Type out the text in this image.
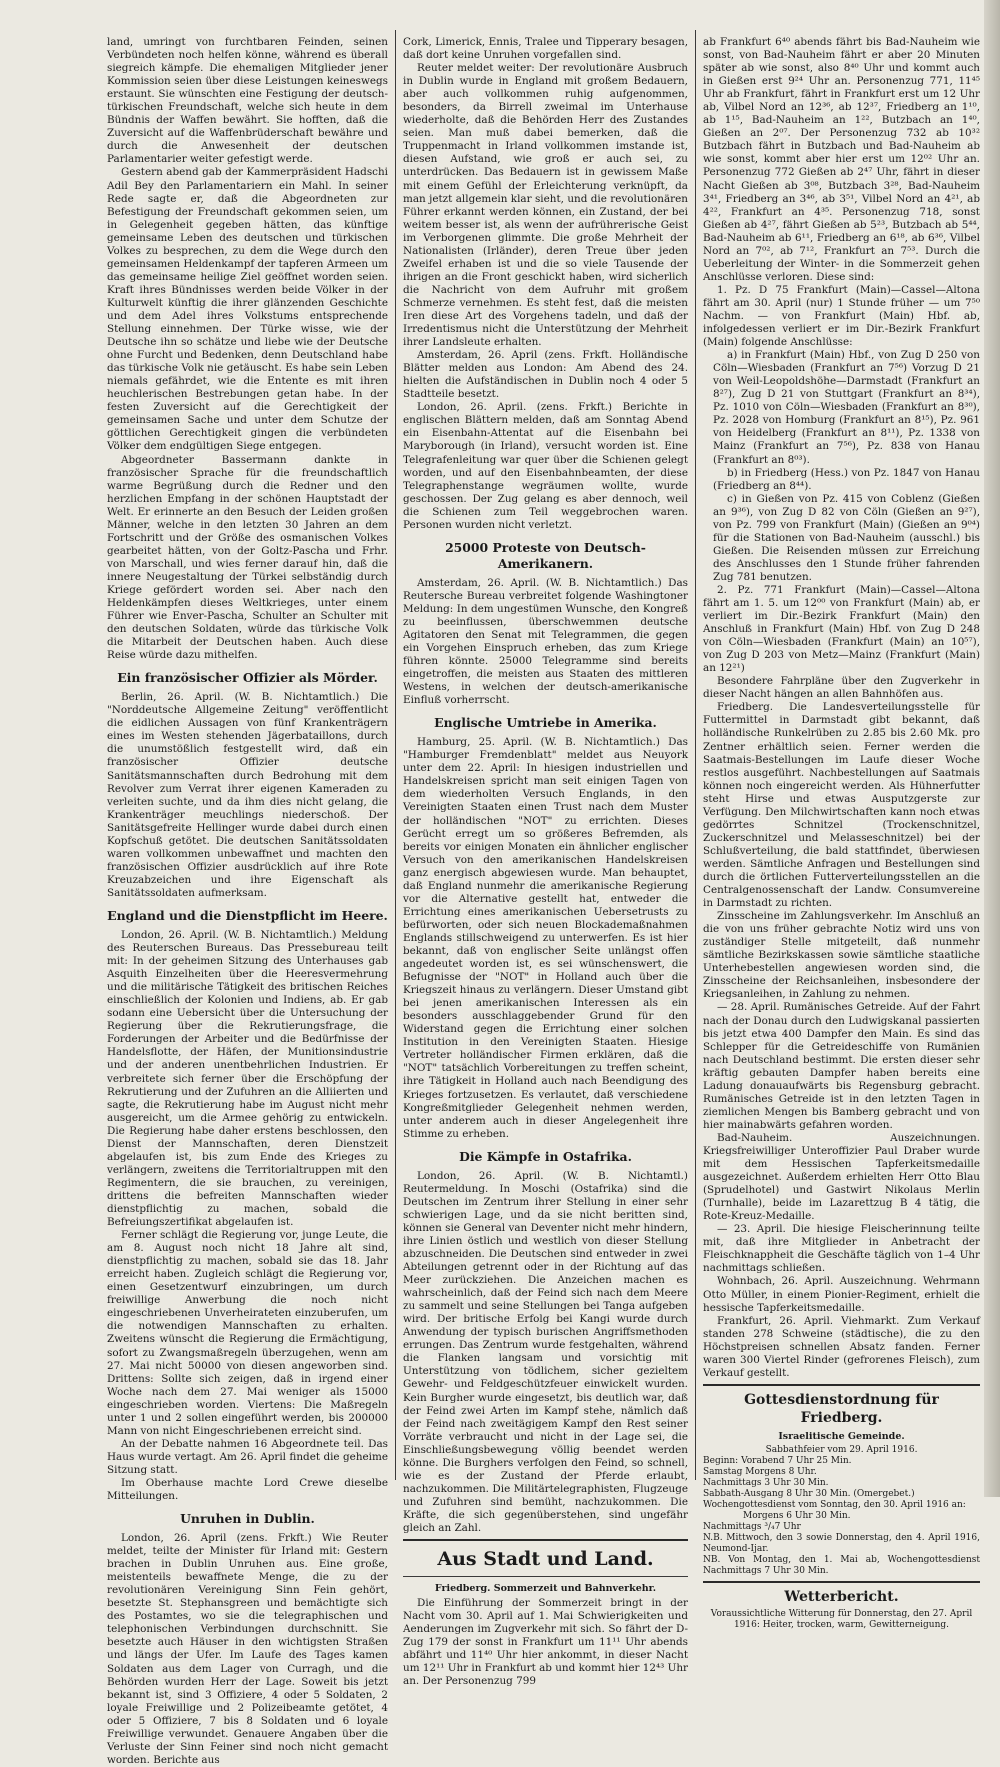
land, umringt von furchtbaren Feinden, seinen Verbündeten noch helfen könne, während es überall siegreich kämpfe. Die ehemaligen Mitglieder jener Kommission seien über diese Leistungen keineswegs erstaunt. Sie wünschten eine Festigung der deutsch-türkischen Freundschaft, welche sich heute in dem Bündnis der Waffen bewährt. Sie hofften, daß die Zuversicht auf die Waffenbrüderschaft bewähre und durch die Anwesenheit der deutschen Parlamentarier weiter gefestigt werde.

Gestern abend gab der Kammerpräsident Hadschi Adil Bey den Parlamentariern ein Mahl. In seiner Rede sagte er, daß die Abgeordneten zur Befestigung der Freundschaft gekommen seien, um in Gelegenheit gegeben hätten, das künftige gemeinsame Leben des deutschen und türkischen Volkes zu besprechen, zu dem die Wege durch den gemeinsamen Heldenkampf der tapferen Armeen um das gemeinsame heilige Ziel geöffnet worden seien. Kraft ihres Bündnisses werden beide Völker in der Kulturwelt künftig die ihrer glänzenden Geschichte und dem Adel ihres Volkstums entsprechende Stellung einnehmen. Der Türke wisse, wie der Deutsche ihn so schätze und liebe wie der Deutsche ohne Furcht und Bedenken, denn Deutschland habe das türkische Volk nie getäuscht. Es habe sein Leben niemals gefährdet, wie die Entente es mit ihren heuchlerischen Bestrebungen getan habe. In der festen Zuversicht auf die Gerechtigkeit der gemeinsamen Sache und unter dem Schutze der göttlichen Gerechtigkeit gingen die verbündeten Völker dem endgültigen Siege entgegen.

Abgeordneter Bassermann dankte in französischer Sprache für die freundschaftlich warme Begrüßung durch die Redner und den herzlichen Empfang in der schönen Hauptstadt der Welt. Er erinnerte an den Besuch der Leiden großen Männer, welche in den letzten 30 Jahren an dem Fortschritt und der Größe des osmanischen Volkes gearbeitet hätten, von der Goltz-Pascha und Frhr. von Marschall, und wies ferner darauf hin, daß die innere Neugestaltung der Türkei selbständig durch Kriege gefördert worden sei. Aber nach den Heldenkämpfen dieses Weltkrieges, unter einem Führer wie Enver-Pascha, Schulter an Schulter mit den deutschen Soldaten, würde das türkische Volk die Mitarbeit der Deutschen haben. Auch diese Reise würde dazu mithelfen.

Ein französischer Offizier als Mörder.

Berlin, 26. April. (W. B. Nichtamtlich.) Die "Norddeutsche Allgemeine Zeitung" veröffentlicht die eidlichen Aussagen von fünf Krankenträgern eines im Westen stehenden Jägerbataillons, durch die unumstößlich festgestellt wird, daß ein französischer Offizier deutsche Sanitätsmannschaften durch Bedrohung mit dem Revolver zum Verrat ihrer eigenen Kameraden zu verleiten suchte, und da ihm dies nicht gelang, die Krankenträger meuchlings niederschoß. Der Sanitätsgefreite Hellinger wurde dabei durch einen Kopfschuß getötet. Die deutschen Sanitätssoldaten waren vollkommen unbewaffnet und machten den französischen Offizier ausdrücklich auf ihre Rote Kreuzabzeichen und ihre Eigenschaft als Sanitätssoldaten aufmerksam.

England und die Dienstpflicht im Heere.

London, 26. April. (W. B. Nichtamtlich.) Meldung des Reuterschen Bureaus. Das Pressebureau teilt mit: In der geheimen Sitzung des Unterhauses gab Asquith Einzelheiten über die Heeresvermehrung und die militärische Tätigkeit des britischen Reiches einschließlich der Kolonien und Indiens, ab. Er gab sodann eine Uebersicht über die Untersuchung der Regierung über die Rekrutierungsfrage, die Forderungen der Arbeiter und die Bedürfnisse der Handelsflotte, der Häfen, der Munitionsindustrie und der anderen unentbehrlichen Industrien. Er verbreitete sich ferner über die Erschöpfung der Rekrutierung und der Zufuhren an die Alliierten und sagte, die Rekrutierung habe im August nicht mehr ausgereicht, um die Armee gehörig zu entwickeln. Die Regierung habe daher erstens beschlossen, den Dienst der Mannschaften, deren Dienstzeit abgelaufen ist, bis zum Ende des Krieges zu verlängern, zweitens die Territorialtruppen mit den Regimentern, die sie brauchen, zu vereinigen, drittens die befreiten Mannschaften wieder dienstpflichtig zu machen, sobald die Befreiungszertifikat abgelaufen ist.

Ferner schlägt die Regierung vor, junge Leute, die am 8. August noch nicht 18 Jahre alt sind, dienstpflichtig zu machen, sobald sie das 18. Jahr erreicht haben. Zugleich schlägt die Regierung vor, einen Gesetzentwurf einzubringen, um durch freiwillige Anwerbung die noch nicht eingeschriebenen Unverheirateten einzuberufen, um die notwendigen Mannschaften zu erhalten. Zweitens wünscht die Regierung die Ermächtigung, sofort zu Zwangsmaßregeln überzugehen, wenn am 27. Mai nicht 50000 von diesen angeworben sind. Drittens: Sollte sich zeigen, daß in irgend einer Woche nach dem 27. Mai weniger als 15000 eingeschrieben worden. Viertens: Die Maßregeln unter 1 und 2 sollen eingeführt werden, bis 200000 Mann von nicht Eingeschriebenen erreicht sind.

An der Debatte nahmen 16 Abgeordnete teil. Das Haus wurde vertagt. Am 26. April findet die geheime Sitzung statt.

Im Oberhause machte Lord Crewe dieselbe Mitteilungen.

Unruhen in Dublin.

London, 26. April (zens. Frkft.) Wie Reuter meldet, teilte der Minister für Irland mit: Gestern brachen in Dublin Unruhen aus. Eine große, meistenteils bewaffnete Menge, die zu der revolutionären Vereinigung Sinn Fein gehört, besetzte St. Stephansgreen und bemächtigte sich des Postamtes, wo sie die telegraphischen und telephonischen Verbindungen durchschnitt. Sie besetzte auch Häuser in den wichtigsten Straßen und längs der Ufer. Im Laufe des Tages kamen Soldaten aus dem Lager von Curragh, und die Behörden wurden Herr der Lage. Soweit bis jetzt bekannt ist, sind 3 Offiziere, 4 oder 5 Soldaten, 2 loyale Freiwillige und 2 Polizeibeamte getötet, 4 oder 5 Offiziere, 7 bis 8 Soldaten und 6 loyale Freiwillige verwundet. Genauere Angaben über die Verluste der Sinn Feiner sind noch nicht gemacht worden. Berichte aus

Cork, Limerick, Ennis, Tralee und Tipperary besagen, daß dort keine Unruhen vorgefallen sind.

Reuter meldet weiter: Der revolutionäre Ausbruch in Dublin wurde in England mit großem Bedauern, aber auch vollkommen ruhig aufgenommen, besonders, da Birrell zweimal im Unterhause wiederholte, daß die Behörden Herr des Zustandes seien. Man muß dabei bemerken, daß die Truppenmacht in Irland vollkommen imstande ist, diesen Aufstand, wie groß er auch sei, zu unterdrücken. Das Bedauern ist in gewissem Maße mit einem Gefühl der Erleichterung verknüpft, da man jetzt allgemein klar sieht, und die revolutionären Führer erkannt werden können, ein Zustand, der bei weitem besser ist, als wenn der aufrührerische Geist im Verborgenen glimmte. Die große Mehrheit der Nationalisten (Irländer), deren Treue über jeden Zweifel erhaben ist und die so viele Tausende der ihrigen an die Front geschickt haben, wird sicherlich die Nachricht von dem Aufruhr mit großem Schmerze vernehmen. Es steht fest, daß die meisten Iren diese Art des Vorgehens tadeln, und daß der Irredentismus nicht die Unterstützung der Mehrheit ihrer Landsleute erhalten.

Amsterdam, 26. April (zens. Frkft. Holländische Blätter melden aus London: Am Abend des 24. hielten die Aufständischen in Dublin noch 4 oder 5 Stadtteile besetzt.

London, 26. April. (zens. Frkft.) Berichte in englischen Blättern melden, daß am Sonntag Abend ein Eisenbahn-Attentat auf die Eisenbahn bei Maryborough (in Irland), versucht worden ist. Eine Telegrafenleitung war quer über die Schienen gelegt worden, und auf den Eisenbahnbeamten, der diese Telegraphenstange wegräumen wollte, wurde geschossen. Der Zug gelang es aber dennoch, weil die Schienen zum Teil weggebrochen waren. Personen wurden nicht verletzt.

25000 Proteste von Deutsch-Amerikanern.

Amsterdam, 26. April. (W. B. Nichtamtlich.) Das Reutersche Bureau verbreitet folgende Washingtoner Meldung: In dem ungestümen Wunsche, den Kongreß zu beeinflussen, überschwemmen deutsche Agitatoren den Senat mit Telegrammen, die gegen ein Vorgehen Einspruch erheben, das zum Kriege führen könnte. 25000 Telegramme sind bereits eingetroffen, die meisten aus Staaten des mittleren Westens, in welchen der deutsch-amerikanische Einfluß vorherrscht.

Englische Umtriebe in Amerika.

Hamburg, 25. April. (W. B. Nichtamtlich.) Das "Hamburger Fremdenblatt" meldet aus Neuyork unter dem 22. April: In hiesigen industriellen und Handelskreisen spricht man seit einigen Tagen von dem wiederholten Versuch Englands, in den Vereinigten Staaten einen Trust nach dem Muster der holländischen "NOT" zu errichten. Dieses Gerücht erregt um so größeres Befremden, als bereits vor einigen Monaten ein ähnlicher englischer Versuch von den amerikanischen Handelskreisen ganz energisch abgewiesen wurde. Man behauptet, daß England nunmehr die amerikanische Regierung vor die Alternative gestellt hat, entweder die Errichtung eines amerikanischen Uebersetrusts zu befürworten, oder sich neuen Blockademaßnahmen Englands stillschweigend zu unterwerfen. Es ist hier bekannt, daß von englischer Seite unlängst offen angedeutet worden ist, es sei wünschenswert, die Befugnisse der "NOT" in Holland auch über die Kriegszeit hinaus zu verlängern. Dieser Umstand gibt bei jenen amerikanischen Interessen als ein besonders ausschlaggebender Grund für den Widerstand gegen die Errichtung einer solchen Institution in den Vereinigten Staaten. Hiesige Vertreter holländischer Firmen erklären, daß die "NOT" tatsächlich Vorbereitungen zu treffen scheint, ihre Tätigkeit in Holland auch nach Beendigung des Krieges fortzusetzen. Es verlautet, daß verschiedene Kongreßmitglieder Gelegenheit nehmen werden, unter anderem auch in dieser Angelegenheit ihre Stimme zu erheben.

Die Kämpfe in Ostafrika.

London, 26. April. (W. B. Nichtamtl.) Reutermeldung. In Moschi (Ostafrika) sind die Deutschen im Zentrum ihrer Stellung in einer sehr schwierigen Lage, und da sie nicht beritten sind, können sie General van Deventer nicht mehr hindern, ihre Linien östlich und westlich von dieser Stellung abzuschneiden. Die Deutschen sind entweder in zwei Abteilungen getrennt oder in der Richtung auf das Meer zurückziehen. Die Anzeichen machen es wahrscheinlich, daß der Feind sich nach dem Meere zu sammelt und seine Stellungen bei Tanga aufgeben wird. Der britische Erfolg bei Kangi wurde durch Anwendung der typisch burischen Angriffsmethoden errungen. Das Zentrum wurde festgehalten, während die Flanken langsam und vorsichtig mit Unterstützung von tödlichem, sicher gezieltem Gewehr- und Feldgeschützfeuer einwickelt wurden. Kein Burgher wurde eingesetzt, bis deutlich war, daß der Feind zwei Arten im Kampf stehe, nämlich daß der Feind nach zweitägigem Kampf den Rest seiner Vorräte verbraucht und nicht in der Lage sei, die Einschließungsbewegung völlig beendet werden könne. Die Burghers verfolgen den Feind, so schnell, wie es der Zustand der Pferde erlaubt, nachzukommen. Die Militärtelegraphisten, Flugzeuge und Zufuhren sind bemüht, nachzukommen. Die Kräfte, die sich gegenüberstehen, sind ungefähr gleich an Zahl.

Aus Stadt und Land.
Friedberg. Sommerzeit und Bahnverkehr.

Die Einführung der Sommerzeit bringt in der Nacht vom 30. April auf 1. Mai Schwierigkeiten und Aenderungen im Zugverkehr mit sich. So fährt der D-Zug 179 der sonst in Frankfurt um 11¹¹ Uhr abends abfährt und 11⁴⁰ Uhr hier ankommt, in dieser Nacht um 12¹¹ Uhr in Frankfurt ab und kommt hier 12⁴³ Uhr an. Der Personenzug 799

ab Frankfurt 6⁴⁰ abends fährt bis Bad-Nauheim wie sonst, von Bad-Nauheim fährt er aber 20 Minuten später ab wie sonst, also 8⁴⁰ Uhr und kommt auch in Gießen erst 9²⁴ Uhr an. Personenzug 771, 11⁴⁵ Uhr ab Frankfurt, fährt in Frankfurt erst um 12 Uhr ab, Vilbel Nord an 12³⁶, ab 12³⁷, Friedberg an 1¹⁰, ab 1¹⁵, Bad-Nauheim an 1²², Butzbach an 1⁴⁰, Gießen an 2⁰⁷. Der Personenzug 732 ab 10³² Butzbach fährt in Butzbach und Bad-Nauheim ab wie sonst, kommt aber hier erst um 12⁰² Uhr an. Personenzug 772 Gießen ab 2⁴⁷ Uhr, fährt in dieser Nacht Gießen ab 3⁰⁸, Butzbach 3²⁸, Bad-Nauheim 3⁴¹, Friedberg an 3⁴⁶, ab 3⁵¹, Vilbel Nord an 4²¹, ab 4²², Frankfurt an 4³⁵. Personenzug 718, sonst Gießen ab 4²⁷, fährt Gießen ab 5²³, Butzbach ab 5⁴⁴, Bad-Nauheim ab 6¹¹, Friedberg an 6¹⁸, ab 6³⁶, Vilbel Nord an 7⁰², ab 7¹², Frankfurt an 7⁵³. Durch die Ueberleitung der Winter- in die Sommerzeit gehen Anschlüsse verloren. Diese sind:

1. Pz. D 75 Frankfurt (Main)—Cassel—Altona fährt am 30. April (nur) 1 Stunde früher — um 7⁵⁰ Nachm. — von Frankfurt (Main) Hbf. ab, infolgedessen verliert er im Dir.-Bezirk Frankfurt (Main) folgende Anschlüsse:

a) in Frankfurt (Main) Hbf., von Zug D 250 von Cöln—Wiesbaden (Frankfurt an 7⁵⁶) Vorzug D 21 von Weil-Leopoldshöhe—Darmstadt (Frankfurt an 8²⁷), Zug D 21 von Stuttgart (Frankfurt an 8³⁴), Pz. 1010 von Cöln—Wiesbaden (Frankfurt an 8³⁰), Pz. 2028 von Homburg (Frankfurt an 8¹⁵), Pz. 961 von Heidelberg (Frankfurt an 8¹¹), Pz. 1338 von Mainz (Frankfurt an 7⁵⁶), Pz. 838 von Hanau (Frankfurt an 8⁰³).

b) in Friedberg (Hess.) von Pz. 1847 von Hanau (Friedberg an 8⁴⁴).

c) in Gießen von Pz. 415 von Coblenz (Gießen an 9³⁶), von Zug D 82 von Cöln (Gießen an 9²⁷), von Pz. 799 von Frankfurt (Main) (Gießen an 9⁰⁴) für die Stationen von Bad-Nauheim (ausschl.) bis Gießen. Die Reisenden müssen zur Erreichung des Anschlusses den 1 Stunde früher fahrenden Zug 781 benutzen.

2. Pz. 771 Frankfurt (Main)—Cassel—Altona fährt am 1. 5. um 12⁰⁰ von Frankfurt (Main) ab, er verliert im Dir.-Bezirk Frankfurt (Main) den Anschluß in Frankfurt (Main) Hbf. von Zug D 248 von Cöln—Wiesbaden (Frankfurt (Main) an 10⁵⁷), von Zug D 203 von Metz—Mainz (Frankfurt (Main) an 12²¹)

Besondere Fahrpläne über den Zugverkehr in dieser Nacht hängen an allen Bahnhöfen aus.

Friedberg. Die Landesverteilungsstelle für Futtermittel in Darmstadt gibt bekannt, daß holländische Runkelrüben zu 2.85 bis 2.60 Mk. pro Zentner erhältlich seien. Ferner werden die Saatmais-Bestellungen im Laufe dieser Woche restlos ausgeführt. Nachbestellungen auf Saatmais können noch eingereicht werden. Als Hühnerfutter steht Hirse und etwas Ausputzgerste zur Verfügung. Den Milchwirtschaften kann noch etwas gedörrtes Schnitzel (Trockenschnitzel, Zuckerschnitzel und Melasseschnitzel) bei der Schlußverteilung, die bald stattfindet, überwiesen werden. Sämtliche Anfragen und Bestellungen sind durch die örtlichen Futterverteilungsstellen an die Centralgenossenschaft der Landw. Consumvereine in Darmstadt zu richten.

Zinsscheine im Zahlungsverkehr. Im Anschluß an die von uns früher gebrachte Notiz wird uns von zuständiger Stelle mitgeteilt, daß nunmehr sämtliche Bezirkskassen sowie sämtliche staatliche Unterhebestellen angewiesen worden sind, die Zinsscheine der Reichsanleihen, insbesondere der Kriegsanleihen, in Zahlung zu nehmen.

— 28. April. Rumänisches Getreide. Auf der Fahrt nach der Donau durch den Ludwigskanal passierten bis jetzt etwa 400 Dampfer den Main. Es sind das Schlepper für die Getreideschiffe von Rumänien nach Deutschland bestimmt. Die ersten dieser sehr kräftig gebauten Dampfer haben bereits eine Ladung donauaufwärts bis Regensburg gebracht. Rumänisches Getreide ist in den letzten Tagen in ziemlichen Mengen bis Bamberg gebracht und von hier mainabwärts gefahren worden.

Bad-Nauheim. Auszeichnungen. Kriegsfreiwilliger Unteroffizier Paul Draber wurde mit dem Hessischen Tapferkeitsmedaille ausgezeichnet. Außerdem erhielten Herr Otto Blau (Sprudelhotel) und Gastwirt Nikolaus Merlin (Turnhalle), beide im Lazarettzug B 4 tätig, die Rote-Kreuz-Medaille.

— 23. April. Die hiesige Fleischerinnung teilte mit, daß ihre Mitglieder in Anbetracht der Fleischknappheit die Geschäfte täglich von 1–4 Uhr nachmittags schließen.

Wohnbach, 26. April. Auszeichnung. Wehrmann Otto Müller, in einem Pionier-Regiment, erhielt die hessische Tapferkeitsmedaille.

Frankfurt, 26. April. Viehmarkt. Zum Verkauf standen 278 Schweine (städtische), die zu den Höchstpreisen schnellen Absatz fanden. Ferner waren 300 Viertel Rinder (gefrorenes Fleisch), zum Verkauf gestellt.

Gottesdienstordnung für Friedberg.
Israelitische Gemeinde.

Sabbathfeier vom 29. April 1916.

Beginn: Vorabend 7 Uhr 25 Min.

Samstag Morgens 8 Uhr.

Nachmittags 3 Uhr 30 Min.

Sabbath-Ausgang 8 Uhr 30 Min. (Omergebet.)

Wochengottesdienst vom Sonntag, den 30. April 1916 an:

Morgens 6 Uhr 30 Min.

Nachmittags ³/₄7 Uhr

N.B. Mittwoch, den 3 sowie Donnerstag, den 4. April 1916, Neumond-Ijar.

NB. Von Montag, den 1. Mai ab, Wochengottesdienst Nachmittags 7 Uhr 30 Min.

Wetterbericht.

Voraussichtliche Witterung für Donnerstag, den 27. April 1916: Heiter, trocken, warm, Gewitterneigung.
